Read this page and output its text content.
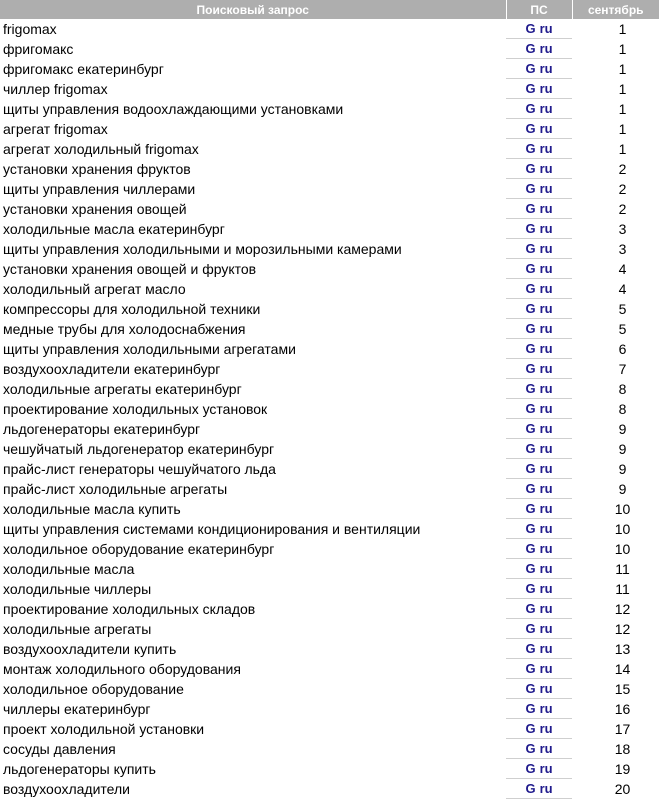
Поисковый запрос	ПС	сентябрь
frigomax	G ru	1
фригомакс	G ru	1
фригомакс екатеринбург	G ru	1
чиллер frigomax	G ru	1
щиты управления водоохлаждающими установками	G ru	1
агрегат frigomax	G ru	1
агрегат холодильный frigomax	G ru	1
установки хранения фруктов	G ru	2
щиты управления чиллерами	G ru	2
установки хранения овощей	G ru	2
холодильные масла екатеринбург	G ru	3
щиты управления холодильными и морозильными камерами	G ru	3
установки хранения овощей и фруктов	G ru	4
холодильный агрегат масло	G ru	4
компрессоры для холодильной техники	G ru	5
медные трубы для холодоснабжения	G ru	5
щиты управления холодильными агрегатами	G ru	6
воздухоохладители екатеринбург	G ru	7
холодильные агрегаты екатеринбург	G ru	8
проектирование холодильных установок	G ru	8
льдогенераторы екатеринбург	G ru	9
чешуйчатый льдогенератор екатеринбург	G ru	9
прайс-лист генераторы чешуйчатого льда	G ru	9
прайс-лист холодильные агрегаты	G ru	9
холодильные масла купить	G ru	10
щиты управления системами кондиционирования и вентиляции	G ru	10
холодильное оборудование екатеринбург	G ru	10
холодильные масла	G ru	11
холодильные чиллеры	G ru	11
проектирование холодильных складов	G ru	12
холодильные агрегаты	G ru	12
воздухоохладители купить	G ru	13
монтаж холодильного оборудования	G ru	14
холодильное оборудование	G ru	15
чиллеры екатеринбург	G ru	16
проект холодильной установки	G ru	17
сосуды давления	G ru	18
льдогенераторы купить	G ru	19
воздухоохладители	G ru	20
